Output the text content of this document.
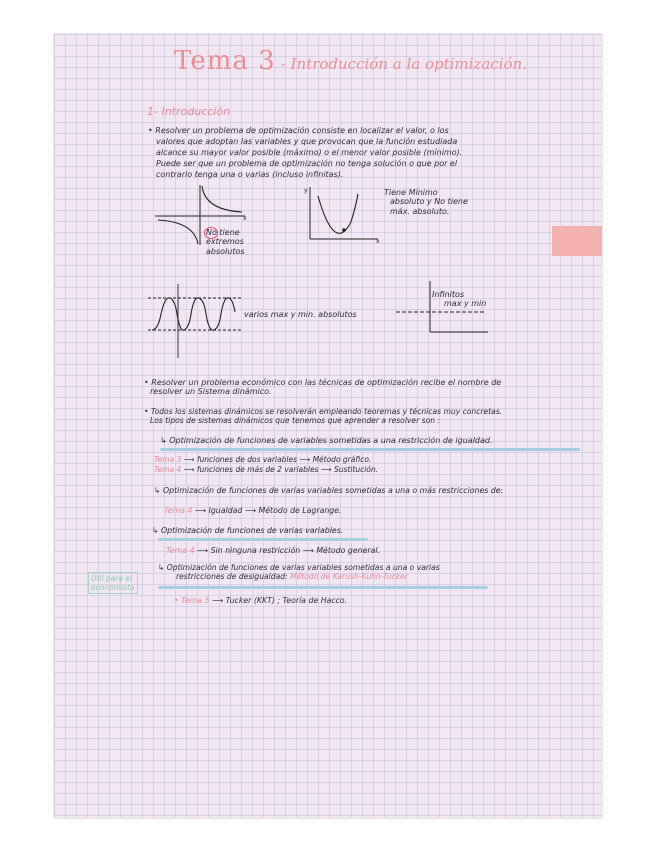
Tema 3 - Introducción a la optimización.
1- Introducción
• Resolver un problema de optimización consiste en localizar el valor, o los
valores que adoptan las variables y que provocan que la función estudiada
alcance su mayor valor posible (máximo) o el menor valor posible (mínimo).
Puede ser que un problema de optimización no tenga solución o que por el
contrario tenga una o varias (incluso infinitas).
x
No tiene
extremos
absolutos
x
y	Tiene Mínimo
absoluto y No tiene
máx. absoluto.
varios max y min. absolutos
Infinitos
max y min
• Resolver un problema económico con las técnicas de optimización recibe el nombre de
resolver un Sistema dinámico.
• Todos los sistemas dinámicos se resolverán empleando teoremas y técnicas muy concretas.
Los tipos de sistemas dinámicos que tenemos que aprender a resolver son :
↳ Optimización de funciones de variables sometidas a una restricción de igualdad.
Tema 3 ⟶ funciones de dos variables ⟶ Método gráfico.
Tema 4 ⟶ funciones de más de 2 variables ⟶ Sustitución.
↳ Optimización de funciones de varias variables sometidas a una o más restricciones de:
Tema 4 ⟶ Igualdad ⟶ Método de Lagrange.
↳ Optimización de funciones de varias variables.
Tema 4 ⟶ Sin ninguna restricción ⟶ Método general.
↳ Optimización de funciones de varias variables sometidas a una o varias
restricciones de desigualdad: Método de Karush-Kuhn-Tucker
• Tema 5 ⟶ Tucker (KKT) ; Teoría de Hacco.
Útil para el
economista
